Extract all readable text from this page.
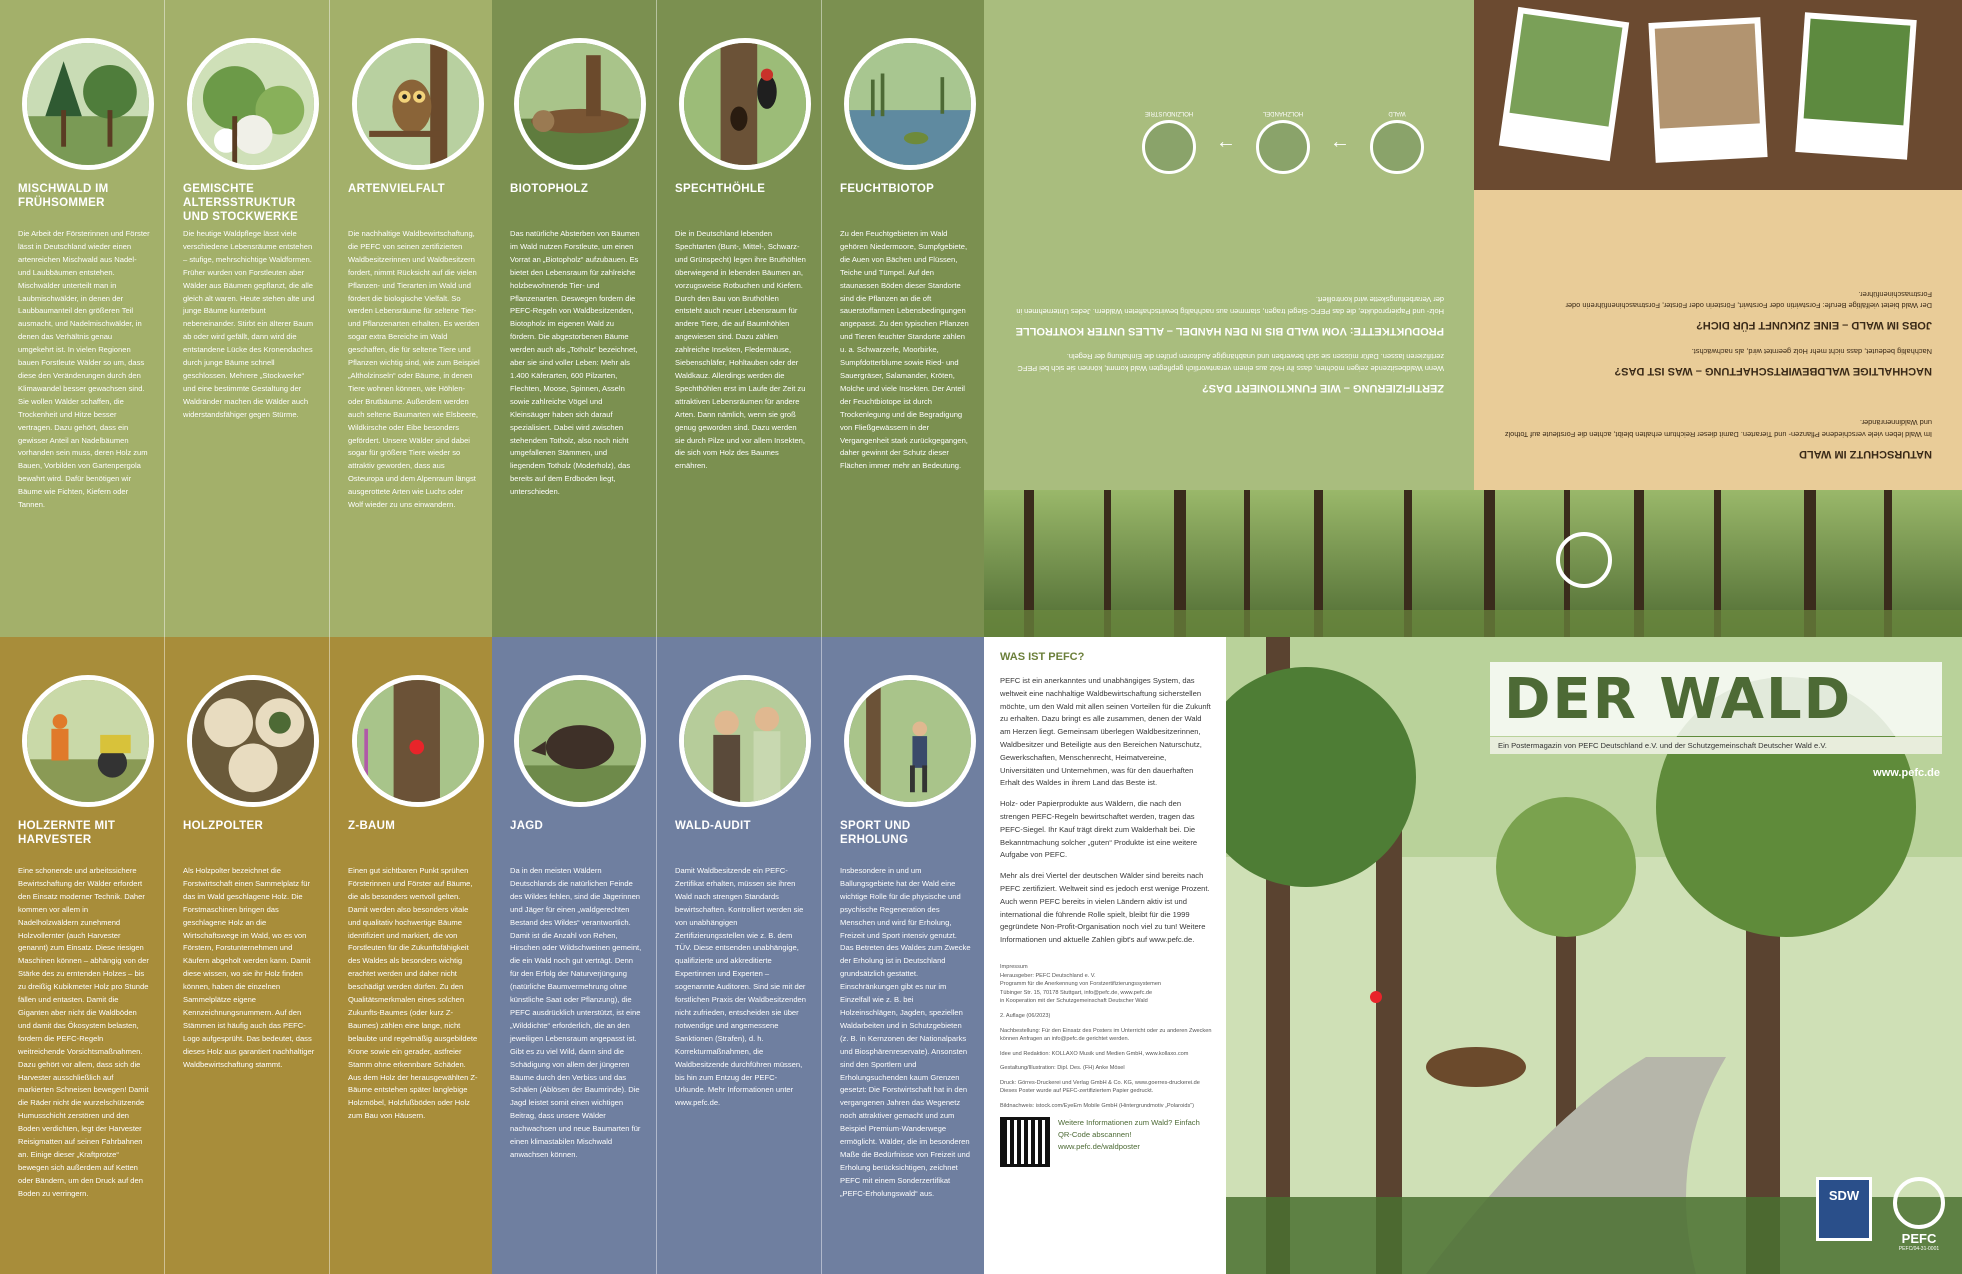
MISCHWALD IM FRÜHSOMMER
Die Arbeit der Försterinnen und Förster lässt in Deutschland wieder einen artenreichen Mischwald aus Nadel- und Laubbäumen entstehen. Mischwälder unterteilt man in Laubmischwälder, in denen der Laubbaumanteil den größeren Teil ausmacht, und Nadelmischwälder, in denen das Verhältnis genau umgekehrt ist. In vielen Regionen bauen Forstleute Wälder so um, dass diese den Veränderungen durch den Klimawandel besser gewachsen sind. Sie wollen Wälder schaffen, die Trockenheit und Hitze besser vertragen. Dazu gehört, dass ein gewisser Anteil an Nadelbäumen vorhanden sein muss, deren Holz zum Bauen, Vorbilden von Gartenpergola bewahrt wird. Dafür benötigen wir Bäume wie Fichten, Kiefern oder Tannen.
GEMISCHTE ALTERSSTRUKTUR UND STOCKWERKE
Die heutige Waldpflege lässt viele verschiedene Lebensräume entstehen – stufige, mehrschichtige Waldformen. Früher wurden von Forstleuten aber Wälder aus Bäumen gepflanzt, die alle gleich alt waren. Heute stehen alte und junge Bäume kunterbunt nebeneinander. Stirbt ein älterer Baum ab oder wird gefällt, dann wird die entstandene Lücke des Kronendaches durch junge Bäume schnell geschlossen. Mehrere „Stockwerke“ und eine bestimmte Gestaltung der Waldränder machen die Wälder auch widerstandsfähiger gegen Stürme.
ARTENVIELFALT
Die nachhaltige Waldbewirtschaftung, die PEFC von seinen zertifizierten Waldbesitzerinnen und Waldbesitzern fordert, nimmt Rücksicht auf die vielen Pflanzen- und Tierarten im Wald und fördert die biologische Vielfalt. So werden Lebensräume für seltene Tier- und Pflanzenarten erhalten. Es werden sogar extra Bereiche im Wald geschaffen, die für seltene Tiere und Pflanzen wichtig sind, wie zum Beispiel „Altholzinseln“ oder Bäume, in denen Tiere wohnen können, wie Höhlen- oder Brutbäume. Außerdem werden auch seltene Baumarten wie Elsbeere, Wildkirsche oder Eibe besonders gefördert. Unsere Wälder sind dabei sogar für größere Tiere wieder so attraktiv geworden, dass aus Osteuropa und dem Alpenraum längst ausgerottete Arten wie Luchs oder Wolf wieder zu uns einwandern.
BIOTOPHOLZ
Das natürliche Absterben von Bäumen im Wald nutzen Forstleute, um einen Vorrat an „Biotopholz“ aufzubauen. Es bietet den Lebensraum für zahlreiche holzbewohnende Tier- und Pflanzenarten. Deswegen fordern die PEFC-Regeln von Waldbesitzenden, Biotopholz im eigenen Wald zu fördern. Die abgestorbenen Bäume werden auch als „Totholz“ bezeichnet, aber sie sind voller Leben: Mehr als 1.400 Käferarten, 600 Pilzarten, Flechten, Moose, Spinnen, Asseln sowie zahlreiche Vögel und Kleinsäuger haben sich darauf spezialisiert. Dabei wird zwischen stehendem Totholz, also noch nicht umgefallenen Stämmen, und liegendem Totholz (Moderholz), das bereits auf dem Erdboden liegt, unterschieden.
SPECHTHÖHLE
Die in Deutschland lebenden Spechtarten (Bunt-, Mittel-, Schwarz- und Grünspecht) legen ihre Bruthöhlen überwiegend in lebenden Bäumen an, vorzugsweise Rotbuchen und Kiefern. Durch den Bau von Bruthöhlen entsteht auch neuer Lebensraum für andere Tiere, die auf Baumhöhlen angewiesen sind. Dazu zählen zahlreiche Insekten, Fledermäuse, Siebenschläfer, Hohltauben oder der Waldkauz. Allerdings werden die Spechthöhlen erst im Laufe der Zeit zu attraktiven Lebensräumen für andere Arten. Dann nämlich, wenn sie groß genug geworden sind. Dazu werden sie durch Pilze und vor allem Insekten, die sich vom Holz des Baumes ernähren.
FEUCHTBIOTOP
Zu den Feuchtgebieten im Wald gehören Niedermoore, Sumpfgebiete, die Auen von Bächen und Flüssen, Teiche und Tümpel. Auf den staunassen Böden dieser Standorte sind die Pflanzen an die oft sauerstoffarmen Lebensbedingungen angepasst. Zu den typischen Pflanzen und Tieren feuchter Standorte zählen u. a. Schwarzerle, Moorbirke, Sumpfdotterblume sowie Ried- und Sauergräser, Salamander, Kröten, Molche und viele Insekten. Der Anteil der Feuchtbiotope ist durch Trockenlegung und die Begradigung von Fließgewässern in der Vergangenheit stark zurückgegangen, daher gewinnt der Schutz dieser Flächen immer mehr an Bedeutung.
ZERTIFIZIERUNG – WIE FUNKTIONIERT DAS?

Wenn Waldbesitzende zeigen möchten, dass ihr Holz aus einem verantwortlich gepflegten Wald kommt, können sie sich bei PEFC zertifizieren lassen. Dafür müssen sie sich bewerben und unabhängige Auditoren prüfen die Einhaltung der Regeln.

PRODUKTKETTE: VOM WALD BIS IN DEN HANDEL – ALLES UNTER KONTROLLE

Holz- und Papierprodukte, die das PEFC-Siegel tragen, stammen aus nachhaltig bewirtschafteten Wäldern. Jedes Unternehmen in der Verarbeitungskette wird kontrolliert.

WALD
→
HOLZHANDEL
→
HOLZINDUSTRIE
NATURSCHUTZ IM WALD

Im Wald leben viele verschiedene Pflanzen- und Tierarten. Damit dieser Reichtum erhalten bleibt, achten die Forstleute auf Totholz und Waldinnenränder.

NACHHALTIGE WALDBEWIRTSCHAFTUNG – WAS IST DAS?

Nachhaltig bedeutet, dass nicht mehr Holz geerntet wird, als nachwächst.

JOBS IM WALD – EINE ZUKUNFT FÜR DICH?

Der Wald bietet vielfältige Berufe: Forstwirtin oder Forstwirt, Försterin oder Förster, Forstmaschinenführerin oder Forstmaschinenführer.

HOLZERNTE MIT HARVESTER
Eine schonende und arbeitssichere Bewirtschaftung der Wälder erfordert den Einsatz moderner Technik. Daher kommen vor allem in Nadelholzwäldern zunehmend Holzvollernter (auch Harvester genannt) zum Einsatz. Diese riesigen Maschinen können – abhängig von der Stärke des zu erntenden Holzes – bis zu dreißig Kubikmeter Holz pro Stunde fällen und entasten. Damit die Giganten aber nicht die Waldböden und damit das Ökosystem belasten, fordern die PEFC-Regeln weitreichende Vorsichtsmaßnahmen. Dazu gehört vor allem, dass sich die Harvester ausschließlich auf markierten Schneisen bewegen! Damit die Räder nicht die wurzelschützende Humusschicht zerstören und den Boden verdichten, legt der Harvester Reisigmatten auf seinen Fahrbahnen an. Einige dieser „Kraftprotze“ bewegen sich außerdem auf Ketten oder Bändern, um den Druck auf den Boden zu verringern.
HOLZPOLTER
Als Holzpolter bezeichnet die Forstwirtschaft einen Sammelplatz für das im Wald geschlagene Holz. Die Forstmaschinen bringen das geschlagene Holz an die Wirtschaftswege im Wald, wo es von Förstern, Forstunternehmen und Käufern abgeholt werden kann. Damit diese wissen, wo sie ihr Holz finden können, haben die einzelnen Sammelplätze eigene Kennzeichnungsnummern. Auf den Stämmen ist häufig auch das PEFC-Logo aufgesprüht. Das bedeutet, dass dieses Holz aus garantiert nachhaltiger Waldbewirtschaftung stammt.
Z-BAUM
Einen gut sichtbaren Punkt sprühen Försterinnen und Förster auf Bäume, die als besonders wertvoll gelten. Damit werden also besonders vitale und qualitativ hochwertige Bäume identifiziert und markiert, die von Forstleuten für die Zukunftsfähigkeit des Waldes als besonders wichtig erachtet werden und daher nicht beschädigt werden dürfen. Zu den Qualitätsmerkmalen eines solchen Zukunfts-Baumes (oder kurz Z-Baumes) zählen eine lange, nicht belaubte und regelmäßig ausgebildete Krone sowie ein gerader, astfreier Stamm ohne erkennbare Schäden. Aus dem Holz der herausgewählten Z-Bäume entstehen später langlebige Holzmöbel, Holzfußböden oder Holz zum Bau von Häusern.
JAGD
Da in den meisten Wäldern Deutschlands die natürlichen Feinde des Wildes fehlen, sind die Jägerinnen und Jäger für einen „waldgerechten Bestand des Wildes“ verantwortlich. Damit ist die Anzahl von Rehen, Hirschen oder Wildschweinen gemeint, die ein Wald noch gut verträgt. Denn für den Erfolg der Naturverjüngung (natürliche Baumvermehrung ohne künstliche Saat oder Pflanzung), die PEFC ausdrücklich unterstützt, ist eine „Wilddichte“ erforderlich, die an den jeweiligen Lebensraum angepasst ist. Gibt es zu viel Wild, dann sind die Schädigung von allem der jüngeren Bäume durch den Verbiss und das Schälen (Ablösen der Baumrinde). Die Jagd leistet somit einen wichtigen Beitrag, dass unsere Wälder nachwachsen und neue Baumarten für einen klimastabilen Mischwald anwachsen können.
WALD-AUDIT
Damit Waldbesitzende ein PEFC-Zertifikat erhalten, müssen sie ihren Wald nach strengen Standards bewirtschaften. Kontrolliert werden sie von unabhängigen Zertifizierungsstellen wie z. B. dem TÜV. Diese entsenden unabhängige, qualifizierte und akkreditierte Expertinnen und Experten – sogenannte Auditoren. Sind sie mit der forstlichen Praxis der Waldbesitzenden nicht zufrieden, entscheiden sie über notwendige und angemessene Sanktionen (Strafen), d. h. Korrekturmaßnahmen, die Waldbesitzende durchführen müssen, bis hin zum Entzug der PEFC-Urkunde. Mehr Informationen unter www.pefc.de.
SPORT UND ERHOLUNG
Insbesondere in und um Ballungsgebiete hat der Wald eine wichtige Rolle für die physische und psychische Regeneration des Menschen und wird für Erholung, Freizeit und Sport intensiv genutzt. Das Betreten des Waldes zum Zwecke der Erholung ist in Deutschland grundsätzlich gestattet. Einschränkungen gibt es nur im Einzelfall wie z. B. bei Holzeinschlägen, Jagden, speziellen Waldarbeiten und in Schutzgebieten (z. B. in Kernzonen der Nationalparks und Biosphärenreservate). Ansonsten sind den Sportlern und Erholungsuchenden kaum Grenzen gesetzt: Die Forstwirtschaft hat in den vergangenen Jahren das Wegenetz noch attraktiver gemacht und zum Beispiel Premium-Wanderwege ermöglicht. Wälder, die im besonderen Maße die Bedürfnisse von Freizeit und Erholung berücksichtigen, zeichnet PEFC mit einem Sonderzertifikat „PEFC-Erholungswald“ aus.
WAS IST PEFC?

PEFC ist ein anerkanntes und unabhängiges System, das weltweit eine nachhaltige Waldbewirtschaftung sicherstellen möchte, um den Wald mit allen seinen Vorteilen für die Zukunft zu erhalten. Dazu bringt es alle zusammen, denen der Wald am Herzen liegt. Gemeinsam überlegen Waldbesitzerinnen, Waldbesitzer und Beteiligte aus den Bereichen Naturschutz, Gewerkschaften, Menschenrecht, Heimatvereine, Universitäten und Unternehmen, was für den dauerhaften Erhalt des Waldes in ihrem Land das Beste ist.

Holz- oder Papierprodukte aus Wäldern, die nach den strengen PEFC-Regeln bewirtschaftet werden, tragen das PEFC-Siegel. Ihr Kauf trägt direkt zum Walderhalt bei. Die Bekanntmachung solcher „guten“ Produkte ist eine weitere Aufgabe von PEFC.

Mehr als drei Viertel der deutschen Wälder sind bereits nach PEFC zertifiziert. Weltweit sind es jedoch erst wenige Prozent. Auch wenn PEFC bereits in vielen Ländern aktiv ist und international die führende Rolle spielt, bleibt für die 1999 gegründete Non-Profit-Organisation noch viel zu tun! Weitere Informationen und aktuelle Zahlen gibt's auf www.pefc.de.

Impressum
Herausgeber: PEFC Deutschland e. V.
Programm für die Anerkennung von Forstzertifizierungssystemen
Tübinger Str. 15, 70178 Stuttgart, info@pefc.de, www.pefc.de
in Kooperation mit der Schutzgemeinschaft Deutscher Wald

2. Auflage (06/2023)

Nachbestellung: Für den Einsatz des Posters im Unterricht oder zu anderen Zwecken können Anfragen an info@pefc.de gerichtet werden.

Idee und Redaktion: KOLLAXO Musik und Medien GmbH, www.kollaxo.com

Gestaltung/Illustration: Dipl. Des. (FH) Anke Mösel

Druck: Görres-Druckerei und Verlag GmbH & Co. KG, www.goerres-druckerei.de
Dieses Poster wurde auf PEFC-zertifiziertem Papier gedruckt.

Bildnachweis: istock.com/EyeEm Mobile GmbH (Hintergrundmotiv „Polaroids“)

Weitere Informationen zum Wald? Einfach QR-Code abscannen! www.pefc.de/waldposter

DER WALD
Ein Postermagazin von PEFC Deutschland e.V. und der Schutzgemeinschaft Deutscher Wald e.V.
www.pefc.de
SDW
PEFC
PEFC/04-31-0001
